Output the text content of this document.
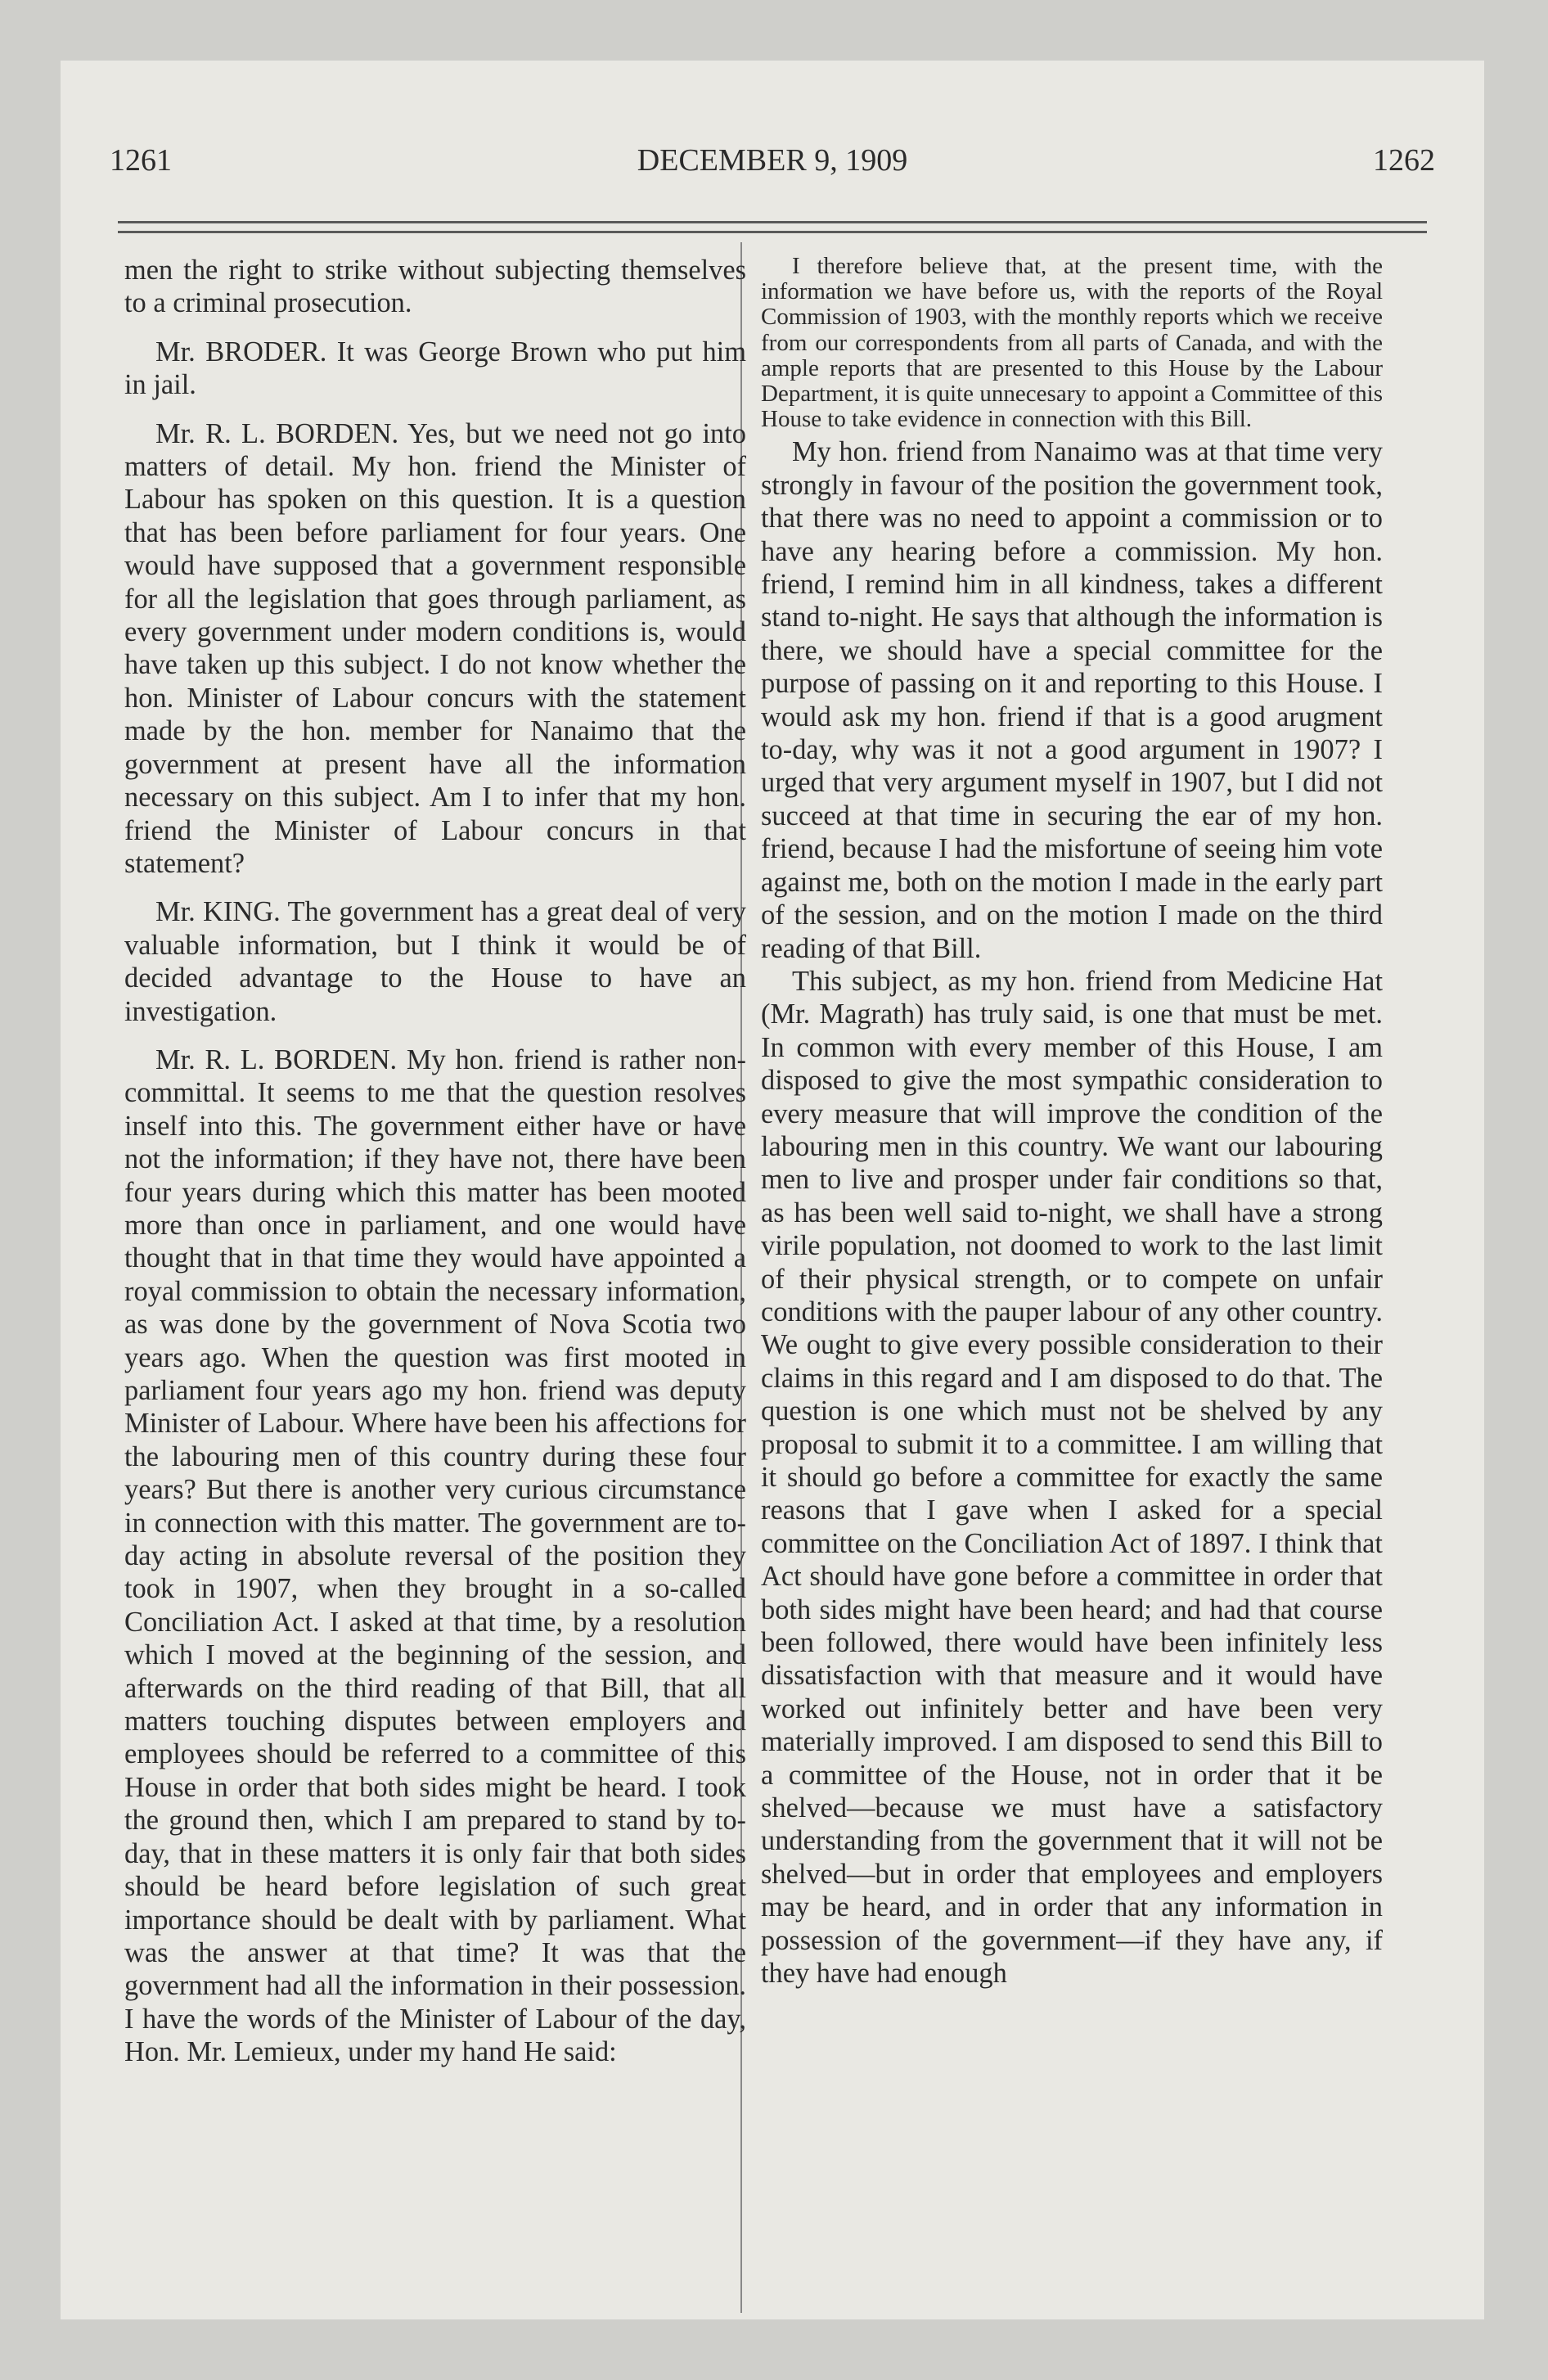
1261	DECEMBER 9, 1909	1262

men the right to strike without subjecting themselves to a criminal prosecution.

Mr. BRODER. It was George Brown who put him in jail.

Mr. R. L. BORDEN. Yes, but we need not go into matters of detail. My hon. friend the Minister of Labour has spoken on this question. It is a question that has been before parliament for four years. One would have supposed that a government responsible for all the legislation that goes through parliament, as every government under modern conditions is, would have taken up this subject. I do not know whether the hon. Minister of Labour concurs with the statement made by the hon. member for Nanaimo that the government at present have all the information necessary on this subject. Am I to infer that my hon. friend the Minister of Labour concurs in that statement?

Mr. KING. The government has a great deal of very valuable information, but I think it would be of decided advantage to the House to have an investigation.

Mr. R. L. BORDEN. My hon. friend is rather non-committal. It seems to me that the question resolves inself into this. The government either have or have not the information; if they have not, there have been four years during which this matter has been mooted more than once in parliament, and one would have thought that in that time they would have appointed a royal commission to obtain the necessary information, as was done by the government of Nova Scotia two years ago. When the question was first mooted in parliament four years ago my hon. friend was deputy Minister of Labour. Where have been his affections for the labouring men of this country during these four years? But there is another very curious circumstance in connection with this matter. The government are to-day acting in absolute reversal of the position they took in 1907, when they brought in a so-called Conciliation Act. I asked at that time, by a resolution which I moved at the beginning of the session, and afterwards on the third reading of that Bill, that all matters touching disputes between employers and employees should be referred to a committee of this House in order that both sides might be heard. I took the ground then, which I am prepared to stand by to-day, that in these matters it is only fair that both sides should be heard before legislation of such great importance should be dealt with by parliament. What was the answer at that time? It was that the government had all the information in their possession. I have the words of the Minister of Labour of the day, Hon. Mr. Lemieux, under my hand He said:

I therefore believe that, at the present time, with the information we have before us, with the reports of the Royal Commission of 1903, with the monthly reports which we receive from our correspondents from all parts of Canada, and with the ample reports that are presented to this House by the Labour Department, it is quite unnecesary to appoint a Committee of this House to take evidence in connection with this Bill.

My hon. friend from Nanaimo was at that time very strongly in favour of the position the government took, that there was no need to appoint a commission or to have any hearing before a commission. My hon. friend, I remind him in all kindness, takes a different stand to-night. He says that although the information is there, we should have a special committee for the purpose of passing on it and reporting to this House. I would ask my hon. friend if that is a good arugment to-day, why was it not a good argument in 1907? I urged that very argument myself in 1907, but I did not succeed at that time in securing the ear of my hon. friend, because I had the misfortune of seeing him vote against me, both on the motion I made in the early part of the session, and on the motion I made on the third reading of that Bill.

This subject, as my hon. friend from Medicine Hat (Mr. Magrath) has truly said, is one that must be met. In common with every member of this House, I am disposed to give the most sympathic consideration to every measure that will improve the condition of the labouring men in this country. We want our labouring men to live and prosper under fair conditions so that, as has been well said to-night, we shall have a strong virile population, not doomed to work to the last limit of their physical strength, or to compete on unfair conditions with the pauper labour of any other country. We ought to give every possible consideration to their claims in this regard and I am disposed to do that. The question is one which must not be shelved by any proposal to submit it to a committee. I am willing that it should go before a committee for exactly the same reasons that I gave when I asked for a special committee on the Conciliation Act of 1897. I think that Act should have gone before a committee in order that both sides might have been heard; and had that course been followed, there would have been infinitely less dissatisfaction with that measure and it would have worked out infinitely better and have been very materially improved. I am disposed to send this Bill to a committee of the House, not in order that it be shelved—because we must have a satisfactory understanding from the government that it will not be shelved—but in order that employees and employers may be heard, and in order that any information in possession of the government—if they have any, if they have had enough
